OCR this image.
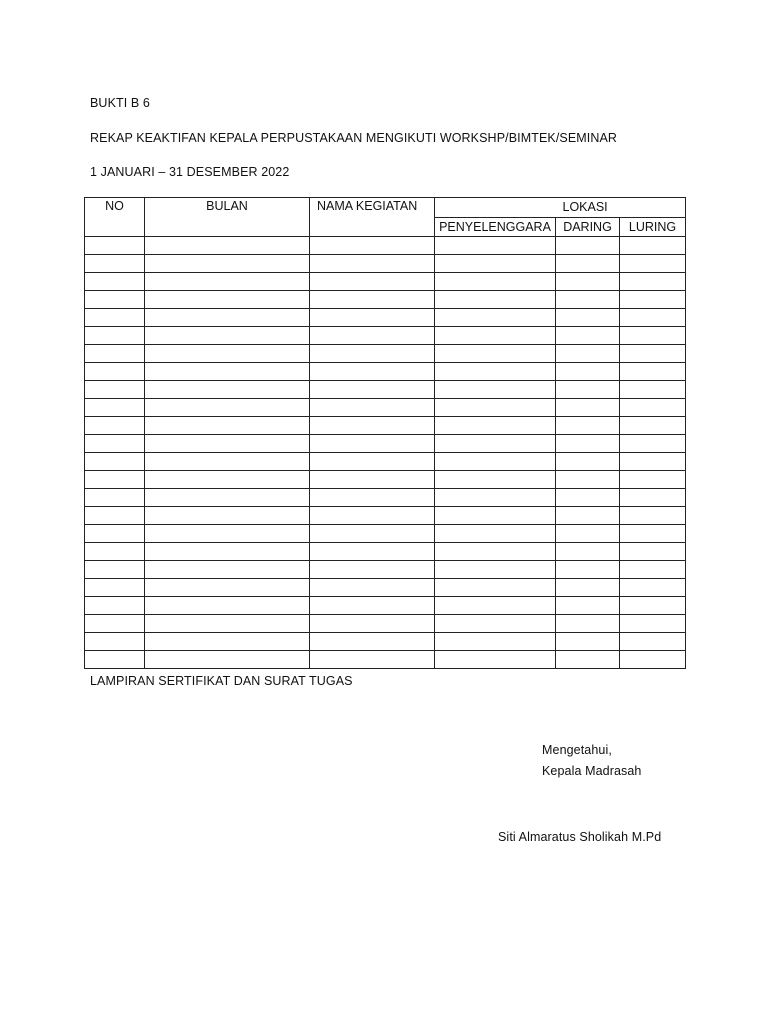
BUKTI B 6
REKAP KEAKTIFAN KEPALA PERPUSTAKAAN MENGIKUTI WORKSHP/BIMTEK/SEMINAR
1 JANUARI – 31 DESEMBER 2022
NO	BULAN	NAMA KEGIATAN		LOKASI	
			PENYELENGGARA	DARING	LURING

LAMPIRAN SERTIFIKAT DAN SURAT TUGAS
Mengetahui,
Kepala Madrasah
Siti Almaratus Sholikah M.Pd
